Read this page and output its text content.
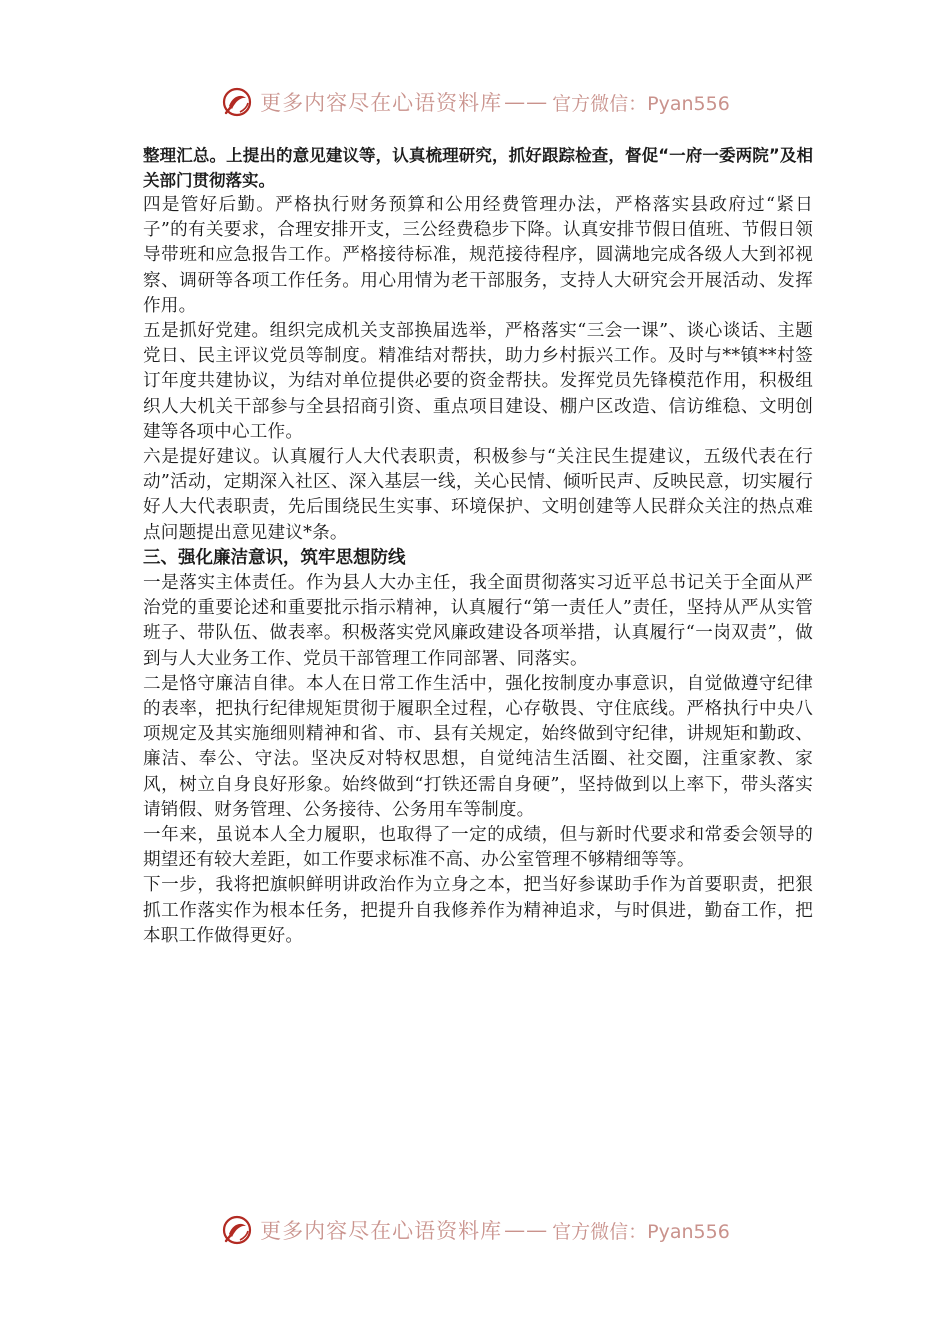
更多内容尽在心语资料库 —— 官方微信：Pyan556

整理汇总。上提出的意见建议等，认真梳理研究，抓好跟踪检查，督促“一府一委两院”及相关部门贯彻落实。

四是管好后勤。严格执行财务预算和公用经费管理办法，严格落实县政府过“紧日子”的有关要求，合理安排开支，三公经费稳步下降。认真安排节假日值班、节假日领导带班和应急报告工作。严格接待标准，规范接待程序，圆满地完成各级人大到祁视察、调研等各项工作任务。用心用情为老干部服务，支持人大研究会开展活动、发挥作用。

五是抓好党建。组织完成机关支部换届选举，严格落实“三会一课”、谈心谈话、主题党日、民主评议党员等制度。精准结对帮扶，助力乡村振兴工作。及时与**镇**村签订年度共建协议，为结对单位提供必要的资金帮扶。发挥党员先锋模范作用，积极组织人大机关干部参与全县招商引资、重点项目建设、棚户区改造、信访维稳、文明创建等各项中心工作。

六是提好建议。认真履行人大代表职责，积极参与“关注民生提建议，五级代表在行动”活动，定期深入社区、深入基层一线，关心民情、倾听民声、反映民意，切实履行好人大代表职责，先后围绕民生实事、环境保护、文明创建等人民群众关注的热点难点问题提出意见建议*条。

三、强化廉洁意识，筑牢思想防线

一是落实主体责任。作为县人大办主任，我全面贯彻落实习近平总书记关于全面从严治党的重要论述和重要批示指示精神，认真履行“第一责任人”责任，坚持从严从实管班子、带队伍、做表率。积极落实党风廉政建设各项举措，认真履行“一岗双责”，做到与人大业务工作、党员干部管理工作同部署、同落实。

二是恪守廉洁自律。本人在日常工作生活中，强化按制度办事意识，自觉做遵守纪律的表率，把执行纪律规矩贯彻于履职全过程，心存敬畏、守住底线。严格执行中央八项规定及其实施细则精神和省、市、县有关规定，始终做到守纪律，讲规矩和勤政、廉洁、奉公、守法。坚决反对特权思想，自觉纯洁生活圈、社交圈，注重家教、家风，树立自身良好形象。始终做到“打铁还需自身硬”，坚持做到以上率下，带头落实请销假、财务管理、公务接待、公务用车等制度。

一年来，虽说本人全力履职，也取得了一定的成绩，但与新时代要求和常委会领导的期望还有较大差距，如工作要求标准不高、办公室管理不够精细等等。

下一步，我将把旗帜鲜明讲政治作为立身之本，把当好参谋助手作为首要职责，把狠抓工作落实作为根本任务，把提升自我修养作为精神追求，与时俱进，勤奋工作，把本职工作做得更好。

更多内容尽在心语资料库 —— 官方微信：Pyan556
